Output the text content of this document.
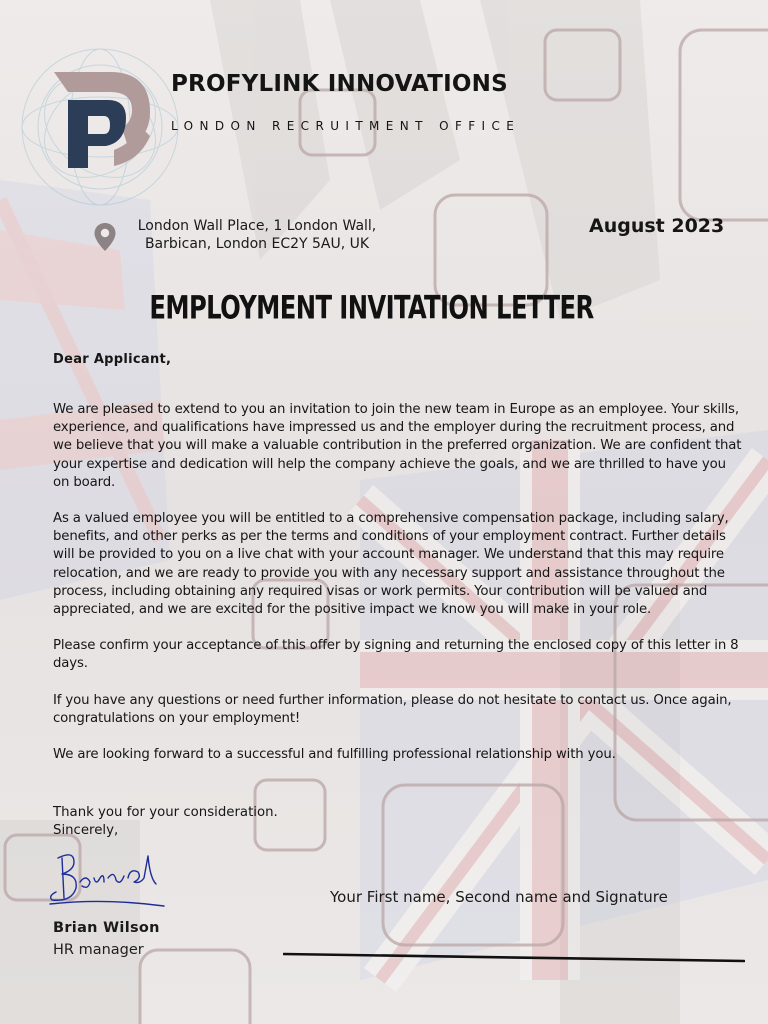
PROFYLINK INNOVATIONS
LONDON RECRUITMENT OFFICE
London Wall Place, 1 London Wall,
Barbican, London EC2Y 5AU, UK
August 2023
EMPLOYMENT INVITATION LETTER
Dear Applicant,

We are pleased to extend to you an invitation to join the new team in Europe as an employee. Your skills, experience, and qualifications have impressed us and the employer during the recruitment process, and we believe that you will make a valuable contribution in the preferred organization. We are confident that your expertise and dedication will help the company achieve the goals, and we are thrilled to have you on board.

As a valued employee you will be entitled to a comprehensive compensation package, including salary, benefits, and other perks as per the terms and conditions of your employment contract. Further details will be provided to you on a live chat with your account manager. We understand that this may require relocation, and we are ready to provide you with any necessary support and assistance throughout the process, including obtaining any required visas or work permits. Your contribution will be valued and appreciated, and we are excited for the positive impact we know you will make in your role.

Please confirm your acceptance of this offer by signing and returning the enclosed copy of this letter in 8 days.

If you have any questions or need further information, please do not hesitate to contact us. Once again, congratulations on your employment!

We are looking forward to a successful and fulfilling professional relationship with you.

Thank you for your consideration.
Sincerely,
Brian Wilson
HR manager
Your First name, Second name and Signature
